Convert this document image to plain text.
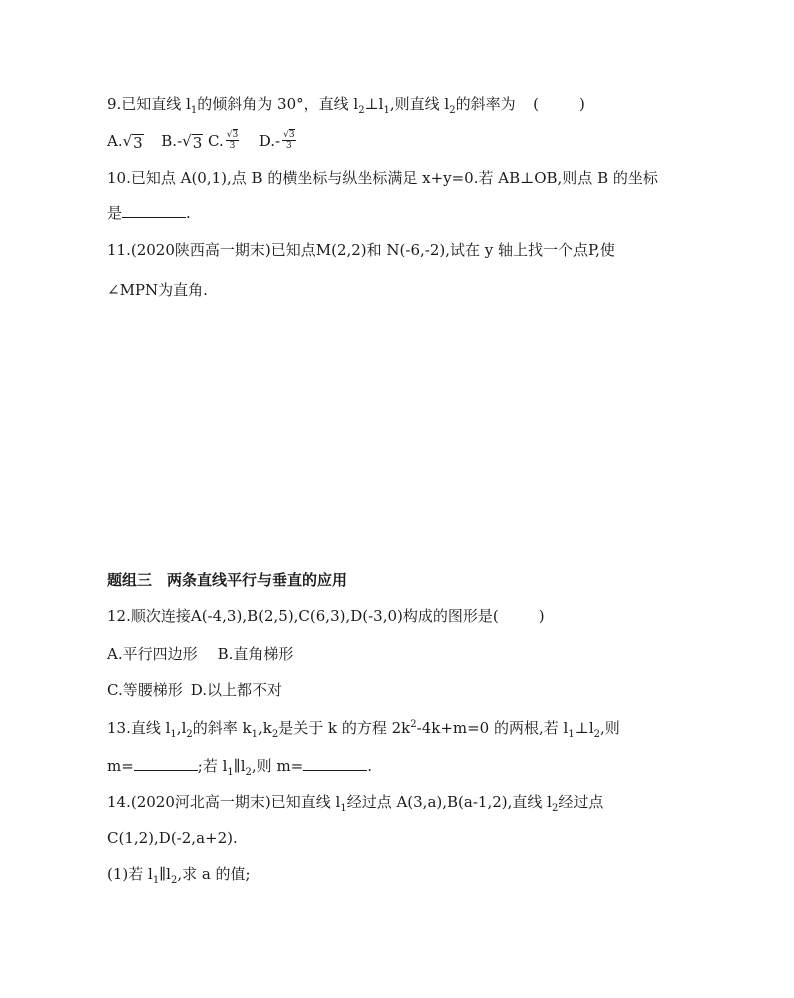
9.已知直线 $l_1$的倾斜角为 30°，直线 $l_2\perp l_1$,则直线 $l_2$的斜率为 (	)
A. √ 3
B.- √ 3
C. $\frac{√3}{3}$
$D.- \frac{√3}{3}$
10.已知点 A(0,1),点 B 的横坐标与纵坐标满足 x+y=0.若 AB⊥OB,则点 B 的坐标
是	.
11.(2020陕西高一期末)已知点M(2,2)和 N(-6,-2),试在 y 轴上找一个点P,使
∠MPN为直角.
题组三　两条直线平行与垂直的应用
12.顺次连接A(-4,3),B(2,5),C(6,3),D(-3,0)构成的图形是(	)
A.平行四边形 B.直角梯形
C.等腰梯形 D.以上都不对
13.直线 $l_1,l_2$的斜率 $k_1,k_2$是关于 k 的方程 $2k^2-4k+m=0$ 的两根,若 $l_1\perp l_2$,则
m=	;若 $l_1\parallel l_2$,则 m=	.
14.(2020河北高一期末)已知直线 $l_1$经过点 A(3,a),B(a-1,2),直线 $l_2$经过点
C(1,2),D(-2,a+2).
(1)若 $l_1\parallel l_2$,求 a 的值;
